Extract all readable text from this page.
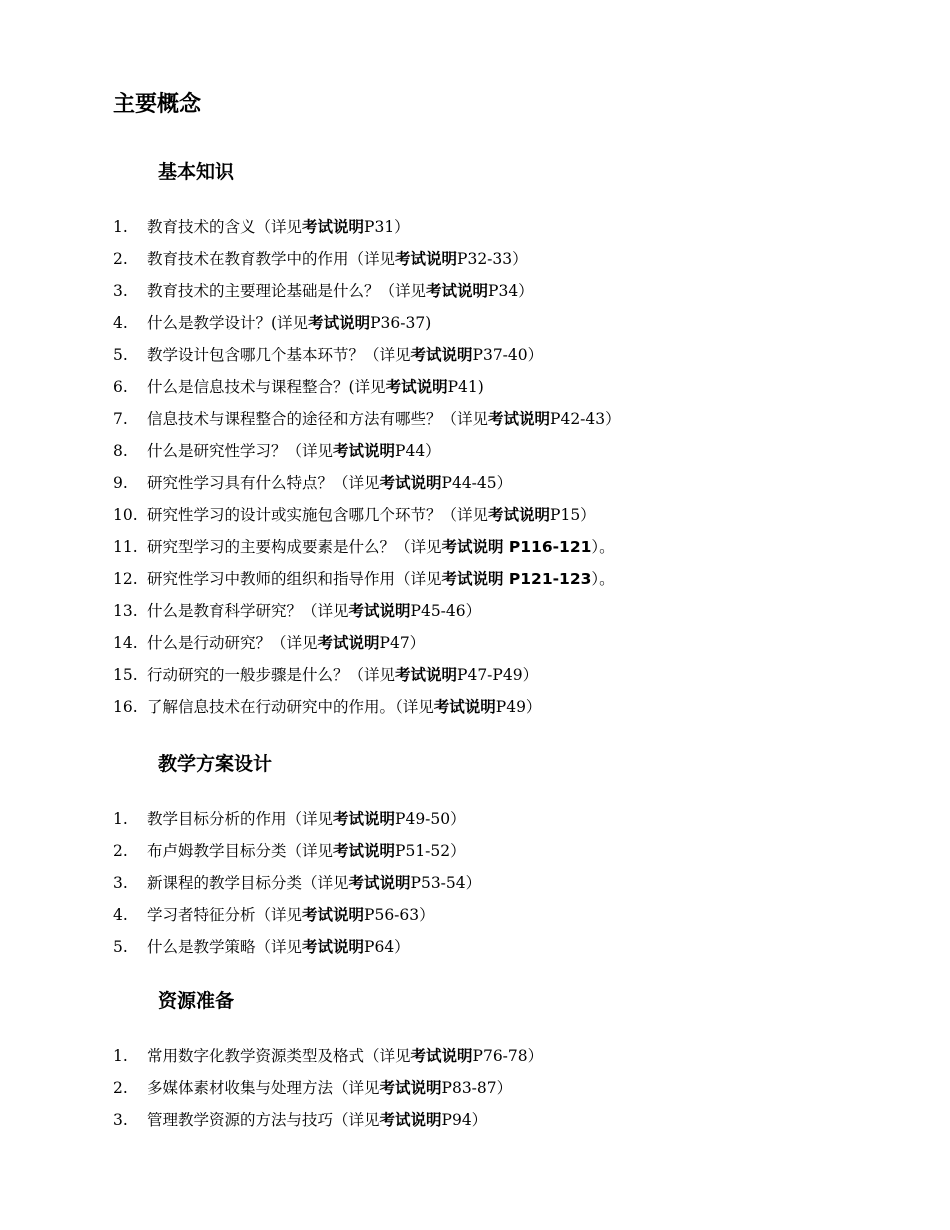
主要概念
基本知识
1. 教育技术的含义（详见考试说明P31）
2. 教育技术在教育教学中的作用（详见考试说明P32-33）
3. 教育技术的主要理论基础是什么？（详见考试说明P34）
4. 什么是教学设计？(详见考试说明P36-37)
5. 教学设计包含哪几个基本环节？（详见考试说明P37-40）
6. 什么是信息技术与课程整合？(详见考试说明P41)
7. 信息技术与课程整合的途径和方法有哪些？（详见考试说明P42-43）
8. 什么是研究性学习？（详见考试说明P44）
9. 研究性学习具有什么特点？（详见考试说明P44-45）
10. 研究性学习的设计或实施包含哪几个环节？（详见考试说明P15）
11. 研究型学习的主要构成要素是什么？（详见考试说明 P116-121）。
12. 研究性学习中教师的组织和指导作用（详见考试说明 P121-123）。
13. 什么是教育科学研究？（详见考试说明P45-46）
14. 什么是行动研究？（详见考试说明P47）
15. 行动研究的一般步骤是什么？（详见考试说明P47-P49）
16. 了解信息技术在行动研究中的作用。（详见考试说明P49）
教学方案设计
1. 教学目标分析的作用（详见考试说明P49-50）
2. 布卢姆教学目标分类（详见考试说明P51-52）
3. 新课程的教学目标分类（详见考试说明P53-54）
4. 学习者特征分析（详见考试说明P56-63）
5. 什么是教学策略（详见考试说明P64）
资源准备
1. 常用数字化教学资源类型及格式（详见考试说明P76-78）
2. 多媒体素材收集与处理方法（详见考试说明P83-87）
3. 管理教学资源的方法与技巧（详见考试说明P94）
